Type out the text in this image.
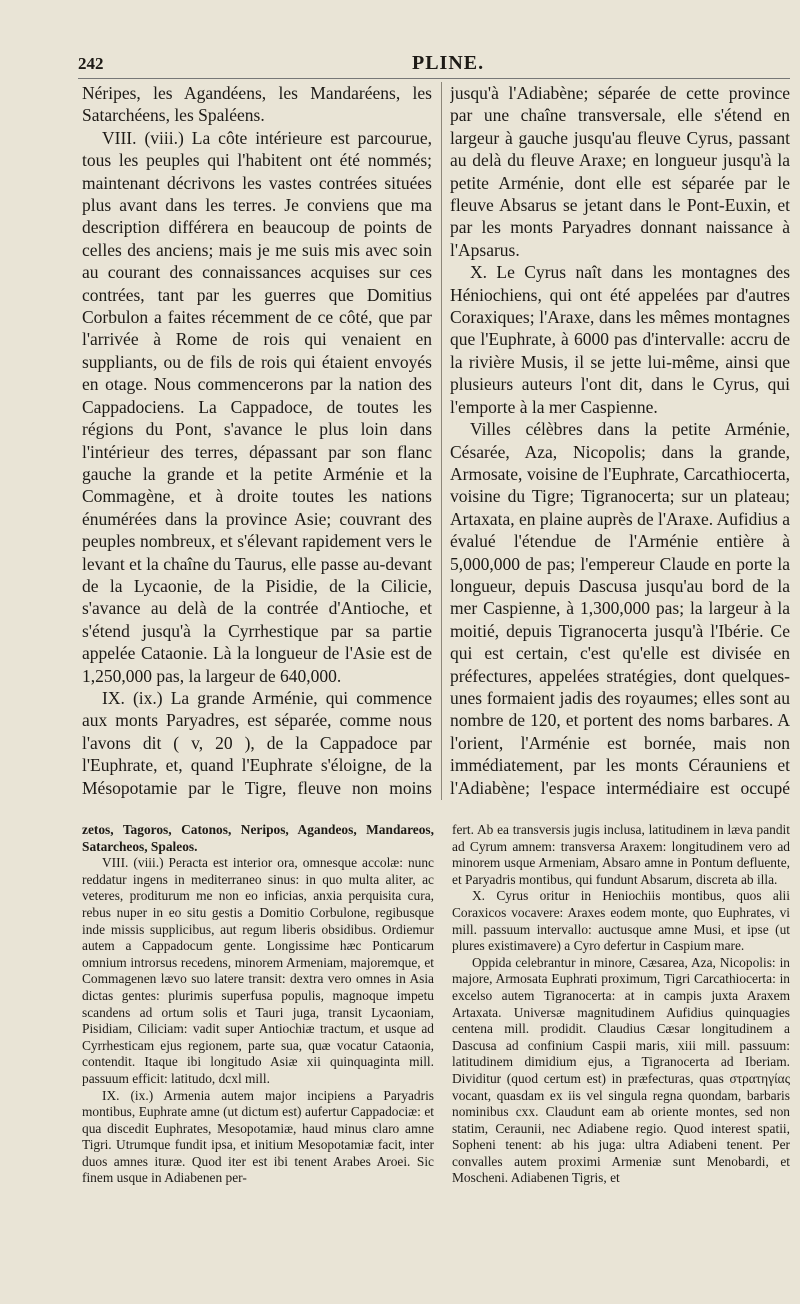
242	PLINE.

Néripes, les Agandéens, les Mandaréens, les Satarchéens, les Spaléens.

VIII. (viii.) La côte intérieure est parcourue, tous les peuples qui l'habitent ont été nommés; maintenant décrivons les vastes contrées situées plus avant dans les terres. Je conviens que ma description différera en beaucoup de points de celles des anciens; mais je me suis mis avec soin au courant des connaissances acquises sur ces contrées, tant par les guerres que Domitius Corbulon a faites récemment de ce côté, que par l'arrivée à Rome de rois qui venaient en suppliants, ou de fils de rois qui étaient envoyés en otage. Nous commencerons par la nation des Cappadociens. La Cappadoce, de toutes les régions du Pont, s'avance le plus loin dans l'intérieur des terres, dépassant par son flanc gauche la grande et la petite Arménie et la Commagène, et à droite toutes les nations énumérées dans la province Asie; couvrant des peuples nombreux, et s'élevant rapidement vers le levant et la chaîne du Taurus, elle passe au-devant de la Lycaonie, de la Pisidie, de la Cilicie, s'avance au delà de la contrée d'Antioche, et s'étend jusqu'à la Cyrrhestique par sa partie appelée Cataonie. Là la longueur de l'Asie est de 1,250,000 pas, la largeur de 640,000.

IX. (ix.) La grande Arménie, qui commence aux monts Paryadres, est séparée, comme nous l'avons dit ( v, 20 ), de la Cappadoce par l'Euphrate, et, quand l'Euphrate s'éloigne, de la Mésopotamie par le Tigre, fleuve non moins

jusqu'à l'Adiabène; séparée de cette province par une chaîne transversale, elle s'étend en largeur à gauche jusqu'au fleuve Cyrus, passant au delà du fleuve Araxe; en longueur jusqu'à la petite Arménie, dont elle est séparée par le fleuve Absarus se jetant dans le Pont-Euxin, et par les monts Paryadres donnant naissance à l'Apsarus.

X. Le Cyrus naît dans les montagnes des Héniochiens, qui ont été appelées par d'autres Coraxiques; l'Araxe, dans les mêmes montagnes que l'Euphrate, à 6000 pas d'intervalle: accru de la rivière Musis, il se jette lui-même, ainsi que plusieurs auteurs l'ont dit, dans le Cyrus, qui l'emporte à la mer Caspienne.

Villes célèbres dans la petite Arménie, Césarée, Aza, Nicopolis; dans la grande, Armosate, voisine de l'Euphrate, Carcathiocerta, voisine du Tigre; Tigranocerta; sur un plateau; Artaxata, en plaine auprès de l'Araxe. Aufidius a évalué l'étendue de l'Arménie entière à 5,000,000 de pas; l'empereur Claude en porte la longueur, depuis Dascusa jusqu'au bord de la mer Caspienne, à 1,300,000 pas; la largeur à la moitié, depuis Tigranocerta jusqu'à l'Ibérie. Ce qui est certain, c'est qu'elle est divisée en préfectures, appelées stratégies, dont quelques-unes formaient jadis des royaumes; elles sont au nombre de 120, et portent des noms barbares. A l'orient, l'Arménie est bornée, mais non immédiatement, par les monts Cérauniens et l'Adiabène; l'espace intermédiaire est occupé

zetos, Tagoros, Catonos, Neripos, Agandeos, Mandareos, Satarcheos, Spaleos.

VIII. (viii.) Peracta est interior ora, omnesque accolæ: nunc reddatur ingens in mediterraneo sinus: in quo multa aliter, ac veteres, proditurum me non eo inficias, anxia perquisita cura, rebus nuper in eo situ gestis a Domitio Corbulone, regibusque inde missis supplicibus, aut regum liberis obsidibus. Ordiemur autem a Cappadocum gente. Longissime hæc Ponticarum omnium introrsus recedens, minorem Armeniam, majoremque, et Commagenen lævo suo latere transit: dextra vero omnes in Asia dictas gentes: plurimis superfusa populis, magnoque impetu scandens ad ortum solis et Tauri juga, transit Lycaoniam, Pisidiam, Ciliciam: vadit super Antiochiæ tractum, et usque ad Cyrrhesticam ejus regionem, parte sua, quæ vocatur Cataonia, contendit. Itaque ibi longitudo Asiæ xii quinquaginta mill. passuum efficit: latitudo, dcxl mill.

IX. (ix.) Armenia autem major incipiens a Paryadris montibus, Euphrate amne (ut dictum est) aufertur Cappadociæ: et qua discedit Euphrates, Mesopotamiæ, haud minus claro amne Tigri. Utrumque fundit ipsa, et initium Mesopotamiæ facit, inter duos amnes ituræ. Quod iter est ibi tenent Arabes Aroei. Sic finem usque in Adiabenen per-

fert. Ab ea transversis jugis inclusa, latitudinem in læva pandit ad Cyrum amnem: transversa Araxem: longitudinem vero ad minorem usque Armeniam, Absaro amne in Pontum defluente, et Paryadris montibus, qui fundunt Absarum, discreta ab illa.

X. Cyrus oritur in Heniochiis montibus, quos alii Coraxicos vocavere: Araxes eodem monte, quo Euphrates, vi mill. passuum intervallo: auctusque amne Musi, et ipse (ut plures existimavere) a Cyro defertur in Caspium mare.

Oppida celebrantur in minore, Cæsarea, Aza, Nicopolis: in majore, Armosata Euphrati proximum, Tigri Carcathiocerta: in excelso autem Tigranocerta: at in campis juxta Araxem Artaxata. Universæ magnitudinem Aufidius quinquagies centena mill. prodidit. Claudius Cæsar longitudinem a Dascusa ad confinium Caspii maris, xiii mill. passuum: latitudinem dimidium ejus, a Tigranocerta ad Iberiam. Dividitur (quod certum est) in præfecturas, quas στρατηγίας vocant, quasdam ex iis vel singula regna quondam, barbaris nominibus cxx. Claudunt eam ab oriente montes, sed non statim, Ceraunii, nec Adiabene regio. Quod interest spatii, Sopheni tenent: ab his juga: ultra Adiabeni tenent. Per convalles autem proximi Armeniæ sunt Menobardi, et Moscheni. Adiabenen Tigris, et
